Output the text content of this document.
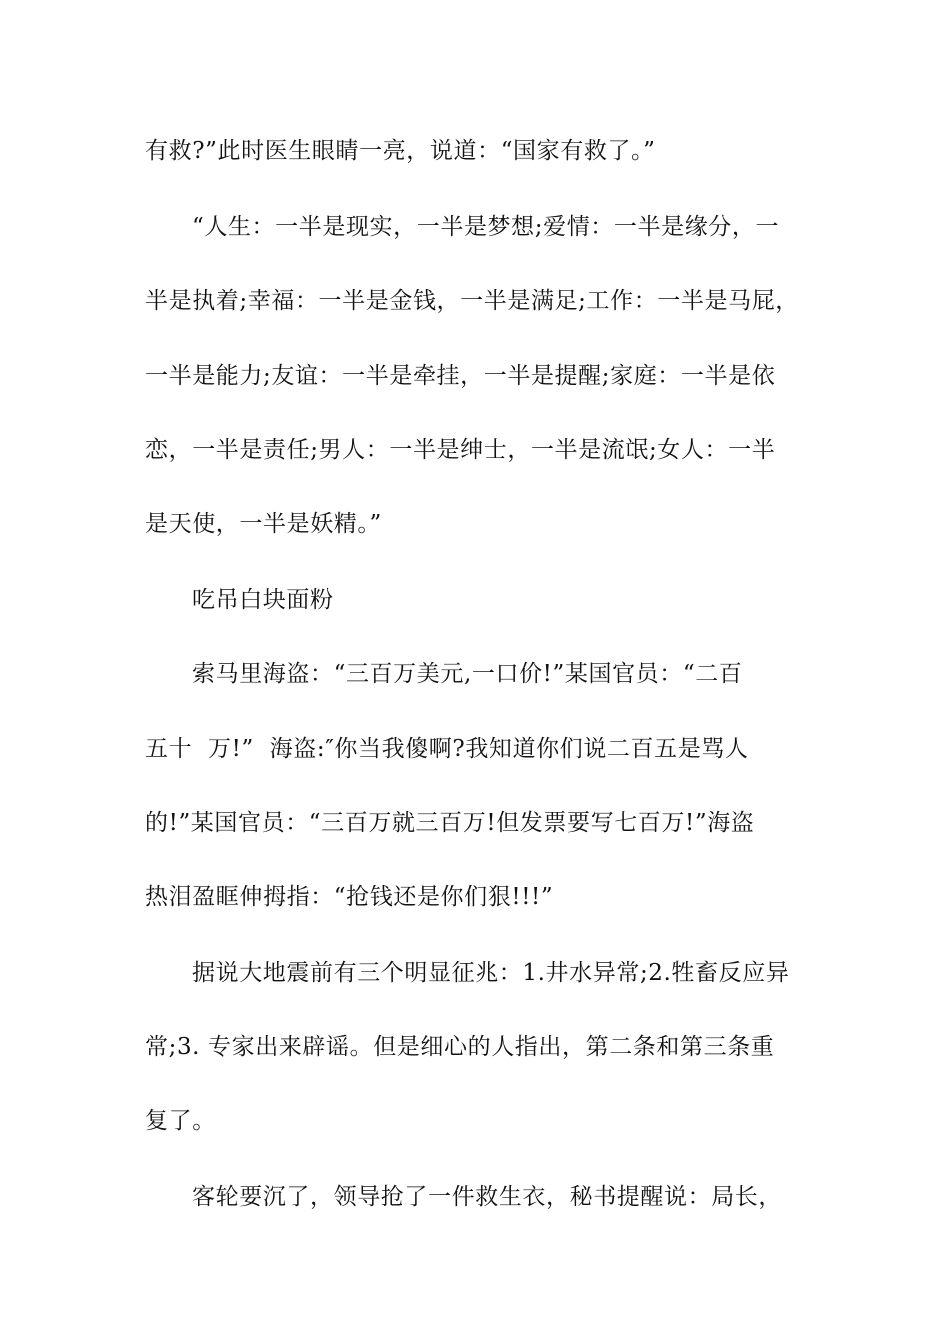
有救?”此时医生眼睛一亮，说道：“国家有救了。”
“人生：一半是现实，一半是梦想;爱情：一半是缘分，一
半是执着;幸福：一半是金钱，一半是满足;工作：一半是马屁，
一半是能力;友谊：一半是牵挂，一半是提醒;家庭：一半是依
恋，一半是责任;男人：一半是绅士，一半是流氓;女人：一半
是天使，一半是妖精。”
吃吊白块面粉
索马里海盗：“三百万美元,一口价!”某国官员：“二百
五十  万!”  海盗:″你当我傻啊?我知道你们说二百五是骂人
的!”某国官员：“三百万就三百万!但发票要写七百万!”海盗
热泪盈眶伸拇指：“抢钱还是你们狠!!!”
据说大地震前有三个明显征兆：1.井水异常;2.牲畜反应异
常;3. 专家出来辟谣。但是细心的人指出，第二条和第三条重
复了。
客轮要沉了，领导抢了一件救生衣，秘书提醒说：局长，
